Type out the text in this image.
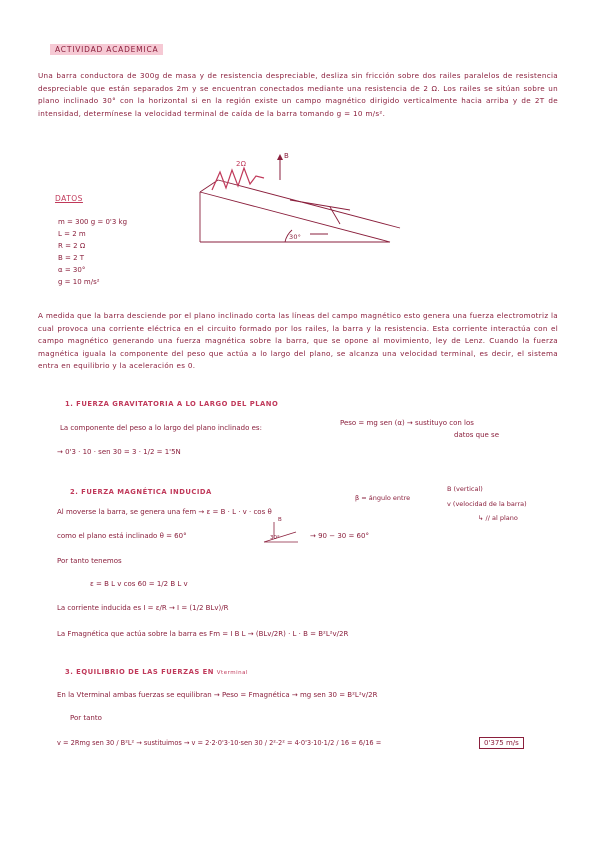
ACTIVIDAD ACADEMICA
Una barra conductora de 300g de masa y de resistencia despreciable, desliza sin fricción sobre dos railes paralelos de resistencia despreciable que están separados 2m y se encuentran conectados mediante una resistencia de 2 Ω. Los railes se sitúan sobre un plano inclinado 30° con la horizontal si en la región existe un campo magnético dirigido verticalmente hacia arriba y de 2T de intensidad, determínese la velocidad terminal de caída de la barra tomando g = 10 m/s².
2Ω
B
30°
DATOS
m = 300 g = 0'3 kg
L = 2 m
R = 2 Ω
B = 2 T
α = 30°
g = 10 m/s²
A medida que la barra desciende por el plano inclinado corta las líneas del campo magnético esto genera una fuerza electromotriz la cual provoca una corriente eléctrica en el circuito formado por los railes, la barra y la resistencia. Esta corriente interactúa con el campo magnético generando una fuerza magnética sobre la barra, que se opone al movimiento, ley de Lenz. Cuando la fuerza magnética iguala la componente del peso que actúa a lo largo del plano, se alcanza una velocidad terminal, es decir, el sistema entra en equilibrio y la aceleración es 0.
1. FUERZA GRAVITATORIA A LO LARGO DEL PLANO
La componente del peso a lo largo del plano inclinado es:
Peso = mg sen (α) → sustituyo con los
datos que se
→ 0'3 · 10 · sen 30 = 3 · 1/2 = 1'5N
2. FUERZA MAGNÉTICA INDUCIDA
β = ángulo entre
B (vertical)
v (velocidad de la barra)
↳ // al plano
Al moverse la barra, se genera una fem → ε = B · L · v · cos θ
B
30°
como el plano está inclinado θ = 60°	→ 90 − 30 = 60°
Por tanto tenemos
ε = B L v cos 60 = 1/2 B L v
La corriente inducida es I = ε/R → I = (1/2 BLv)/R
La Fmagnética que actúa sobre la barra es Fm = I B L → (BLv/2R) · L · B = B²L²v/2R
3. EQUILIBRIO DE LAS FUERZAS EN Vterminal
En la Vterminal ambas fuerzas se equilibran → Peso = Fmagnética → mg sen 30 = B²L²v/2R
Por tanto
v = 2Rmg sen 30 / B²L² → sustituimos → v = 2·2·0'3·10·sen 30 / 2²·2² = 4·0'3·10·1/2 / 16 = 6/16 =	0'375 m/s
